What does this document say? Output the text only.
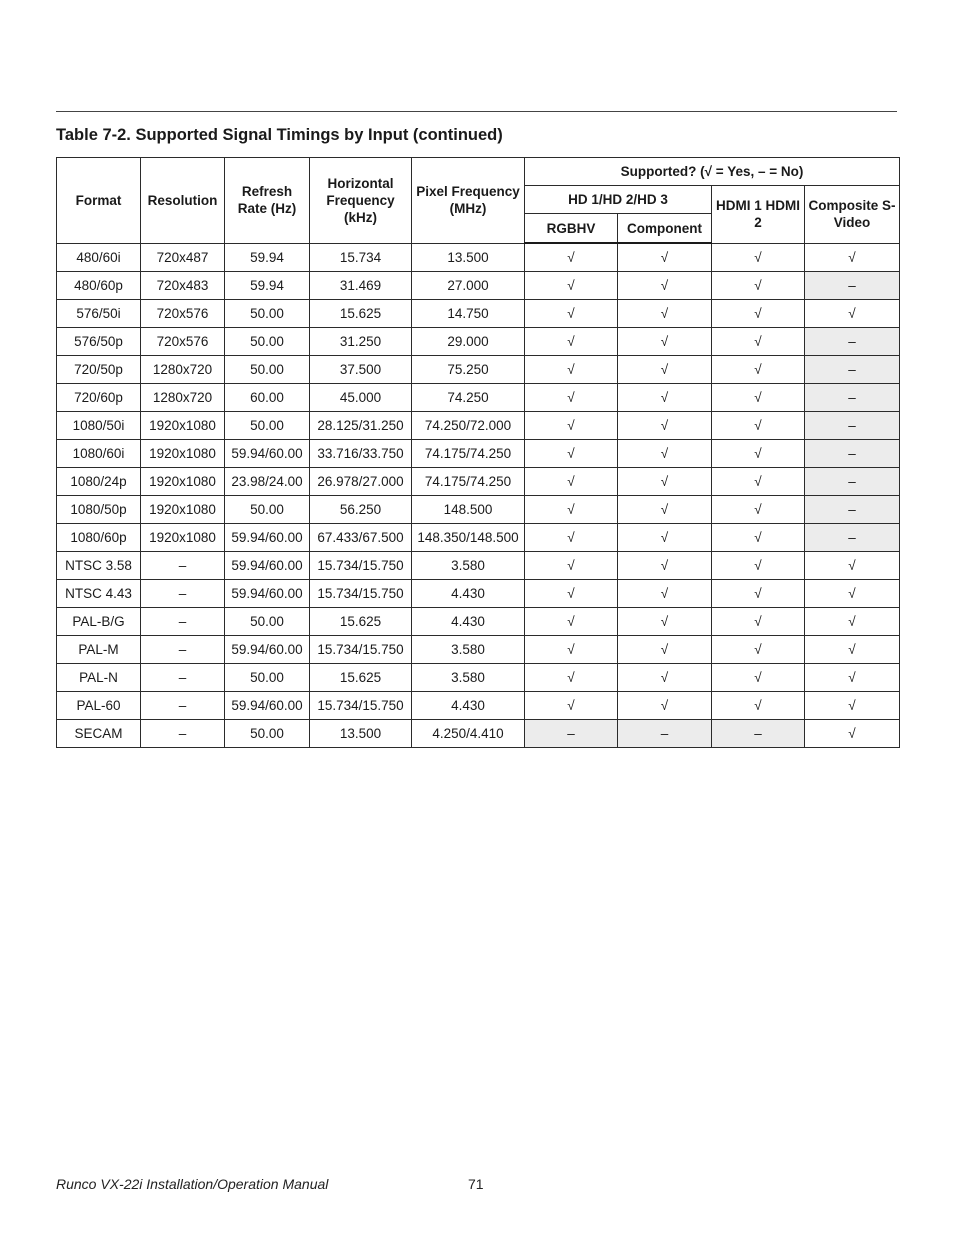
Table 7-2. Supported Signal Timings by Input (continued)
Format	Resolution	Refresh Rate (Hz)	Horizontal Frequency (kHz)	Pixel Frequency (MHz)	Supported? (√ = Yes, – = No)			
					HD 1/HD 2/HD 3		HDMI 1 HDMI 2	Composite S-Video
					RGBHV	Component		
480/60i	720x487	59.94	15.734	13.500	√	√	√	√
480/60p	720x483	59.94	31.469	27.000	√	√	√	–
576/50i	720x576	50.00	15.625	14.750	√	√	√	√
576/50p	720x576	50.00	31.250	29.000	√	√	√	–
720/50p	1280x720	50.00	37.500	75.250	√	√	√	–
720/60p	1280x720	60.00	45.000	74.250	√	√	√	–
1080/50i	1920x1080	50.00	28.125/31.250	74.250/72.000	√	√	√	–
1080/60i	1920x1080	59.94/60.00	33.716/33.750	74.175/74.250	√	√	√	–
1080/24p	1920x1080	23.98/24.00	26.978/27.000	74.175/74.250	√	√	√	–
1080/50p	1920x1080	50.00	56.250	148.500	√	√	√	–
1080/60p	1920x1080	59.94/60.00	67.433/67.500	148.350/148.500	√	√	√	–
NTSC 3.58	–	59.94/60.00	15.734/15.750	3.580	√	√	√	√
NTSC 4.43	–	59.94/60.00	15.734/15.750	4.430	√	√	√	√
PAL-B/G	–	50.00	15.625	4.430	√	√	√	√
PAL-M	–	59.94/60.00	15.734/15.750	3.580	√	√	√	√
PAL-N	–	50.00	15.625	3.580	√	√	√	√
PAL-60	–	59.94/60.00	15.734/15.750	4.430	√	√	√	√
SECAM	–	50.00	13.500	4.250/4.410	–	–	–	√
Runco VX-22i Installation/Operation Manual	71
